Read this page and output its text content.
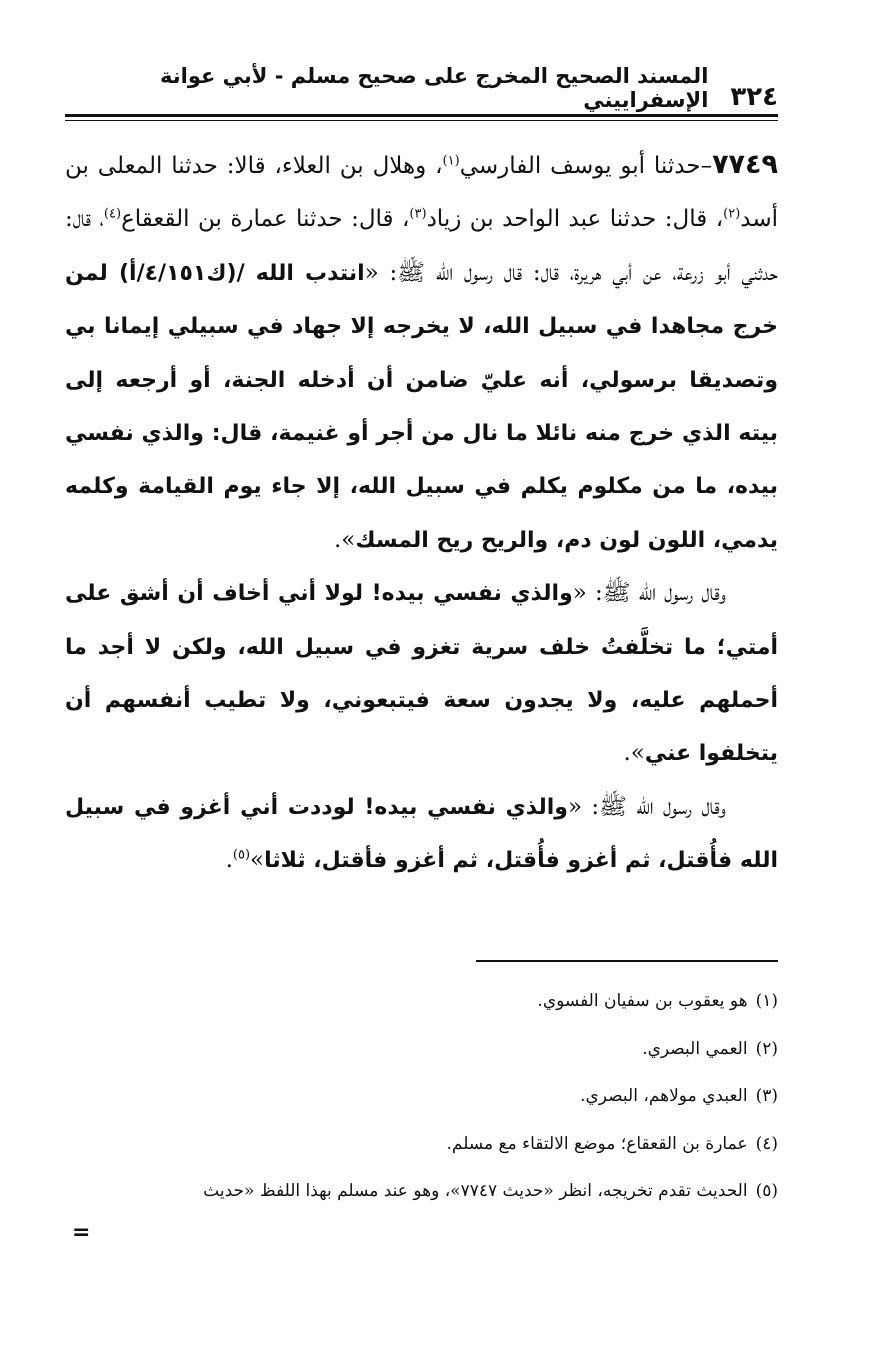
٣٢٤
المسند الصحيح المخرج على صحيح مسلم - لأبي عوانة الإسفراييني

٧٧٤٩–حدثنا أبو يوسف الفارسي$^{(١)}$، وهلال بن العلاء، قالا: حدثنا المعلى بن أسد$^{(٢)}$، قال: حدثنا عبد الواحد بن زياد$^{(٣)}$، قال: حدثنا عمارة بن القعقاع$^{(٤)}$، قال: حدثني أبو زرعة، عن أبي هريرة، قال: قال رسول الله ﷺ: «انتدب الله /(ك٤/١٥١/أ) لمن خرج مجاهدا في سبيل الله، لا يخرجه إلا جهاد في سبيلي إيمانا بي وتصديقا برسولي، أنه عليّ ضامن أن أدخله الجنة، أو أرجعه إلى بيته الذي خرج منه نائلا ما نال من أجر أو غنيمة، قال: والذي نفسي بيده، ما من مكلوم يكلم في سبيل الله، إلا جاء يوم القيامة وكلمه يدمي، اللون لون دم، والريح ريح المسك».

وقال رسول الله ﷺ: «والذي نفسي بيده! لولا أني أخاف أن أشق على أمتي؛ ما تخلَّفتُ خلف سرية تغزو في سبيل الله، ولكن لا أجد ما أحملهم عليه، ولا يجدون سعة فيتبعوني، ولا تطيب أنفسهم أن يتخلفوا عني».

وقال رسول الله ﷺ: «والذي نفسي بيده! لوددت أني أغزو في سبيل الله فأُقتل، ثم أغزو فأُقتل، ثم أغزو فأقتل، ثلاثا»$^{(٥)}$.

(١)هو يعقوب بن سفيان الفسوي.
(٢)العمي البصري.
(٣)العبدي مولاهم، البصري.
(٤)عمارة بن القعقاع؛ موضع الالتقاء مع مسلم.
(٥)الحديث تقدم تخريجه، انظر «حديث ٧٧٤٧»، وهو عند مسلم بهذا اللفظ «حديث
=
